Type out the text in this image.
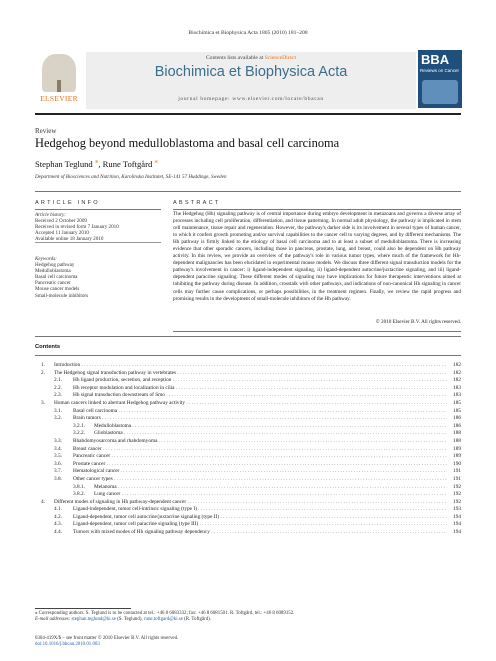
Biochimica et Biophysica Acta 1805 (2010) 181–208
ELSEVIER
Contents lists available at ScienceDirect
Biochimica et Biophysica Acta
journal homepage: www.elsevier.com/locate/bbacan
BBA
Reviews on Cancer
Review
Hedgehog beyond medulloblastoma and basal cell carcinoma
Stephan Teglund ⁎, Rune Toftgård ⁎
Department of Biosciences and Nutrition, Karolinska Institutet, SE-141 57 Huddinge, Sweden
ARTICLE INFO	ABSTRACT
Article history:
Received 2 October 2009
Received in revised form 7 January 2010
Accepted 11 January 2010
Available online 18 January 2010
Keywords:
Hedgehog pathway
Medulloblastoma
Basal cell carcinoma
Pancreatic cancer
Mouse cancer models
Small-molecule inhibitors
The Hedgehog (Hh) signaling pathway is of central importance during embryo development in metazoans and governs a diverse array of processes including cell proliferation, differentiation, and tissue patterning. In normal adult physiology, the pathway is implicated in stem cell maintenance, tissue repair and regeneration. However, the pathway's darker side is its involvement in several types of human cancer, to which it confers growth promoting and/or survival capabilities to the cancer cell to varying degrees, and by different mechanisms. The Hh pathway is firmly linked to the etiology of basal cell carcinoma and to at least a subset of medulloblastoma. There is increasing evidence that other sporadic cancers, including those in pancreas, prostate, lung, and breast, could also be dependent on Hh pathway activity. In this review, we provide an overview of the pathway's role in various tumor types, where much of the framework for Hh-dependent malignancies has been elucidated in experimental mouse models. We discuss three different signal transduction models for the pathway's involvement in cancer: i) ligand-independent signaling, ii) ligand-dependent autocrine/juxtacrine signaling, and iii) ligand-dependent paracrine signaling. These different modes of signaling may have implications for future therapeutic interventions aimed at inhibiting the pathway during disease. In addition, crosstalk with other pathways, and indications of non-canonical Hh signaling in cancer cells may further cause complications, or perhaps possibilities, in the treatment regimen. Finally, we review the rapid progress and promising results in the development of small-molecule inhibitors of the Hh pathway.
© 2010 Elsevier B.V. All rights reserved.
Contents
1. Introduction . . .	182
2. The Hedgehog signal transduction pathway in vertebrates . . .	182
2.1. Hh ligand production, secretion, and reception . . .	182
2.2. Hh receptor modulation and localization in cilia . . .	183
2.3. Hh signal transduction downstream of Smo . . .	183
3. Human cancers linked to aberrant Hedgehog pathway activity . . .	185
3.1. Basal cell carcinoma . . .	185
3.2. Brain tumors . . .	186
3.2.1. Medulloblastoma . . .	186
3.2.2. Glioblastoma . . .	188
3.3. Rhabdomyosarcoma and rhabdomyoma . . .	188
3.4. Breast cancer . . .	189
3.5. Pancreatic cancer . . .	189
3.6. Prostate cancer . . .	190
3.7. Hematological cancer . . .	191
3.8. Other cancer types . . .	191
3.8.1. Melanoma . . .	192
3.8.2. Lung cancer . . .	192
4. Different modes of signaling in Hh pathway-dependent cancer . . .	192
4.1. Ligand-independent, tumor cell-intrinsic signaling (type I) . . .	193
4.2. Ligand-dependent, tumor cell autocrine/juxtacrine signaling (type II) . . .	194
4.3. Ligand-dependent, tumor cell paracrine signaling (type III) . . .	194
4.4. Tumors with mixed modes of Hh signaling pathway dependency . . .	194
⁎ Corresponding authors. S. Teglund is to be contacted at tel.: +46 8 6083332; fax: +46 8 6081501. R. Toftgård, tel.: +46 8 6089152.
E-mail addresses: stephan.teglund@ki.se (S. Teglund), rune.toftgard@ki.se (R. Toftgård).
0304-419X/$ – see front matter © 2010 Elsevier B.V. All rights reserved.
doi:10.1016/j.bbcan.2010.01.003
